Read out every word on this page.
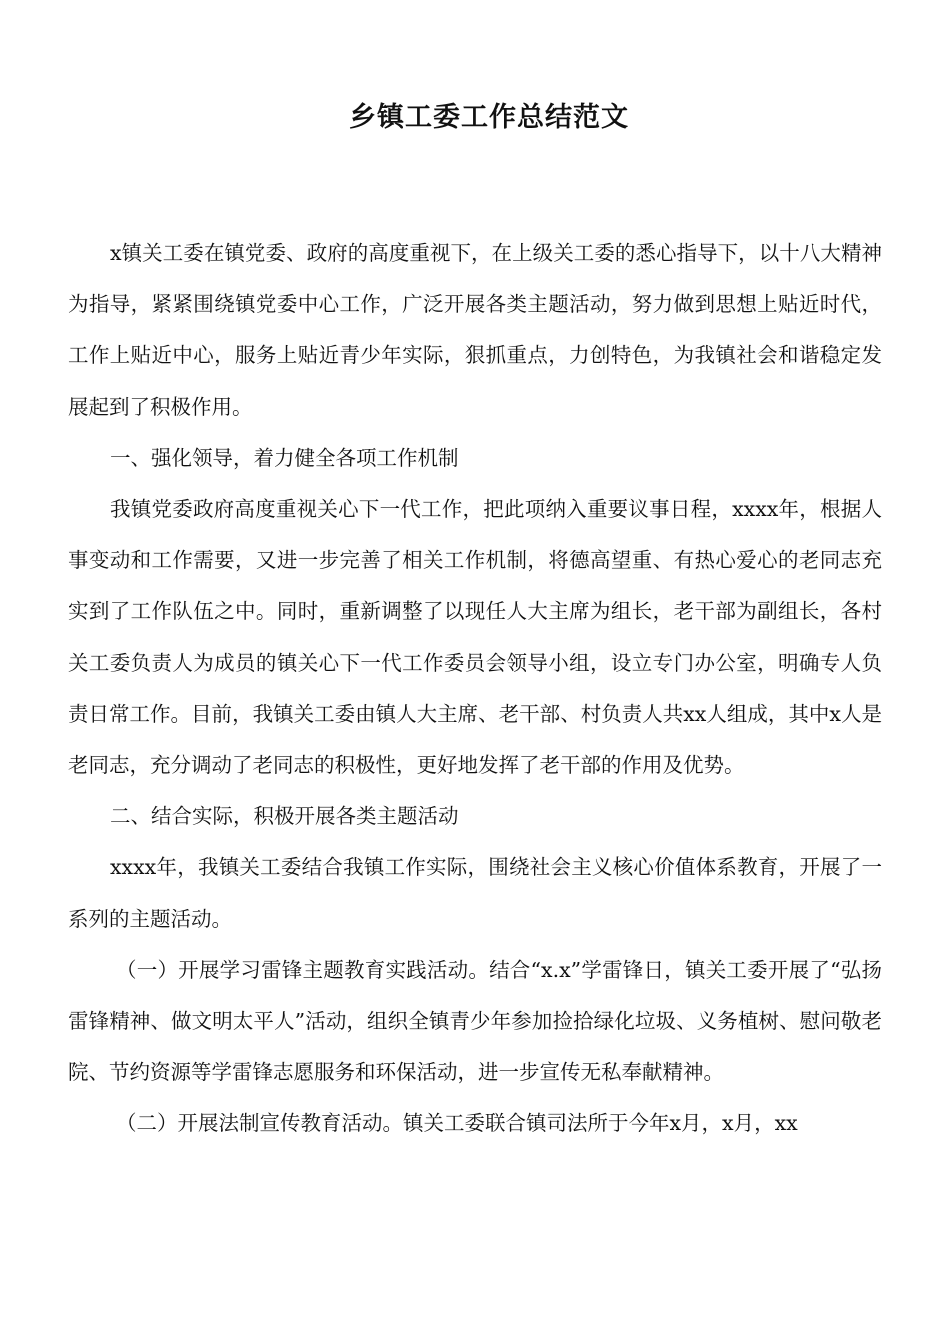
乡镇工委工作总结范文

x镇关工委在镇党委、政府的高度重视下，在上级关工委的悉心指导下，以十八大精神为指导，紧紧围绕镇党委中心工作，广泛开展各类主题活动，努力做到思想上贴近时代，工作上贴近中心，服务上贴近青少年实际，狠抓重点，力创特色，为我镇社会和谐稳定发展起到了积极作用。

一、强化领导，着力健全各项工作机制

我镇党委政府高度重视关心下一代工作，把此项纳入重要议事日程，xxxx年，根据人事变动和工作需要，又进一步完善了相关工作机制，将德高望重、有热心爱心的老同志充实到了工作队伍之中。同时，重新调整了以现任人大主席为组长，老干部为副组长，各村关工委负责人为成员的镇关心下一代工作委员会领导小组，设立专门办公室，明确专人负责日常工作。目前，我镇关工委由镇人大主席、老干部、村负责人共xx人组成，其中x人是老同志，充分调动了老同志的积极性，更好地发挥了老干部的作用及优势。

二、结合实际，积极开展各类主题活动

xxxx年，我镇关工委结合我镇工作实际，围绕社会主义核心价值体系教育，开展了一系列的主题活动。

（一）开展学习雷锋主题教育实践活动。结合“x.x”学雷锋日，镇关工委开展了“弘扬雷锋精神、做文明太平人”活动，组织全镇青少年参加捡拾绿化垃圾、义务植树、慰问敬老院、节约资源等学雷锋志愿服务和环保活动，进一步宣传无私奉献精神。

（二）开展法制宣传教育活动。镇关工委联合镇司法所于今年x月，x月，xx
